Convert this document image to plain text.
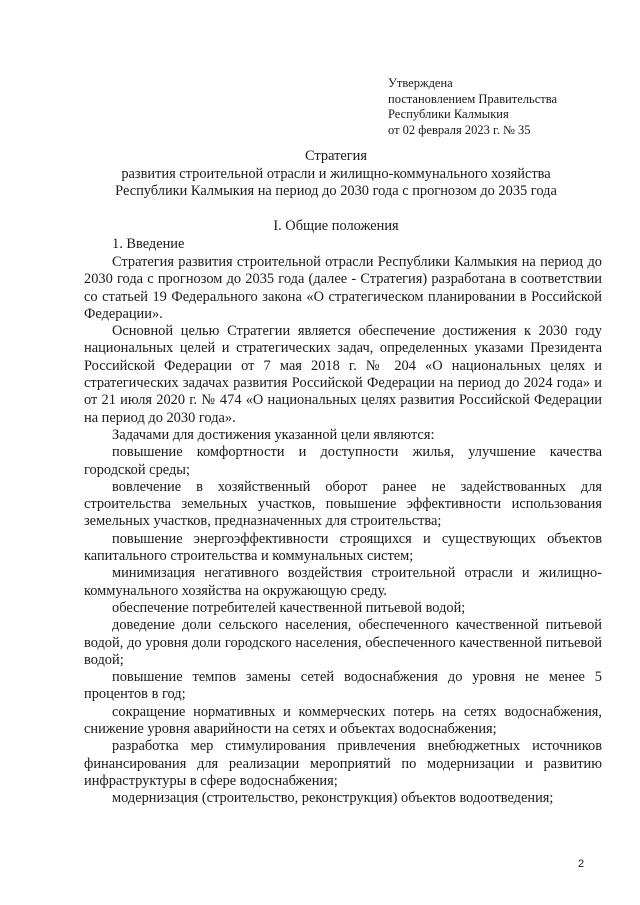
Утверждена
постановлением Правительства
Республики Калмыкия
от 02 февраля 2023 г. № 35
Стратегия
развития строительной отрасли и жилищно-коммунального хозяйства
Республики Калмыкия на период до 2030 года с прогнозом до 2035 года
I. Общие положения
1. Введение

Стратегия развития строительной отрасли Республики Калмыкия на период до 2030 года с прогнозом до 2035 года (далее - Стратегия) разработана в соответствии со статьей 19 Федерального закона «О стратегическом планировании в Российской Федерации».

Основной целью Стратегии является обеспечение достижения к 2030 году национальных целей и стратегических задач, определенных указами Президента Российской Федерации от 7 мая 2018 г. № 204 «О национальных целях и стратегических задачах развития Российской Федерации на период до 2024 года» и от 21 июля 2020 г. № 474 «О национальных целях развития Российской Федерации на период до 2030 года».

Задачами для достижения указанной цели являются:

повышение комфортности и доступности жилья, улучшение качества городской среды;

вовлечение в хозяйственный оборот ранее не задействованных для строительства земельных участков, повышение эффективности использования земельных участков, предназначенных для строительства;

повышение энергоэффективности строящихся и существующих объектов капитального строительства и коммунальных систем;

минимизация негативного воздействия строительной отрасли и жилищно-коммунального хозяйства на окружающую среду.

обеспечение потребителей качественной питьевой водой;

доведение доли сельского населения, обеспеченного качественной питьевой водой, до уровня доли городского населения, обеспеченного качественной питьевой водой;

повышение темпов замены сетей водоснабжения до уровня не менее 5 процентов в год;

сокращение нормативных и коммерческих потерь на сетях водоснабжения, снижение уровня аварийности на сетях и объектах водоснабжения;

разработка мер стимулирования привлечения внебюджетных источников финансирования для реализации мероприятий по модернизации и развитию инфраструктуры в сфере водоснабжения;

модернизация (строительство, реконструкция) объектов водоотведения;

2
